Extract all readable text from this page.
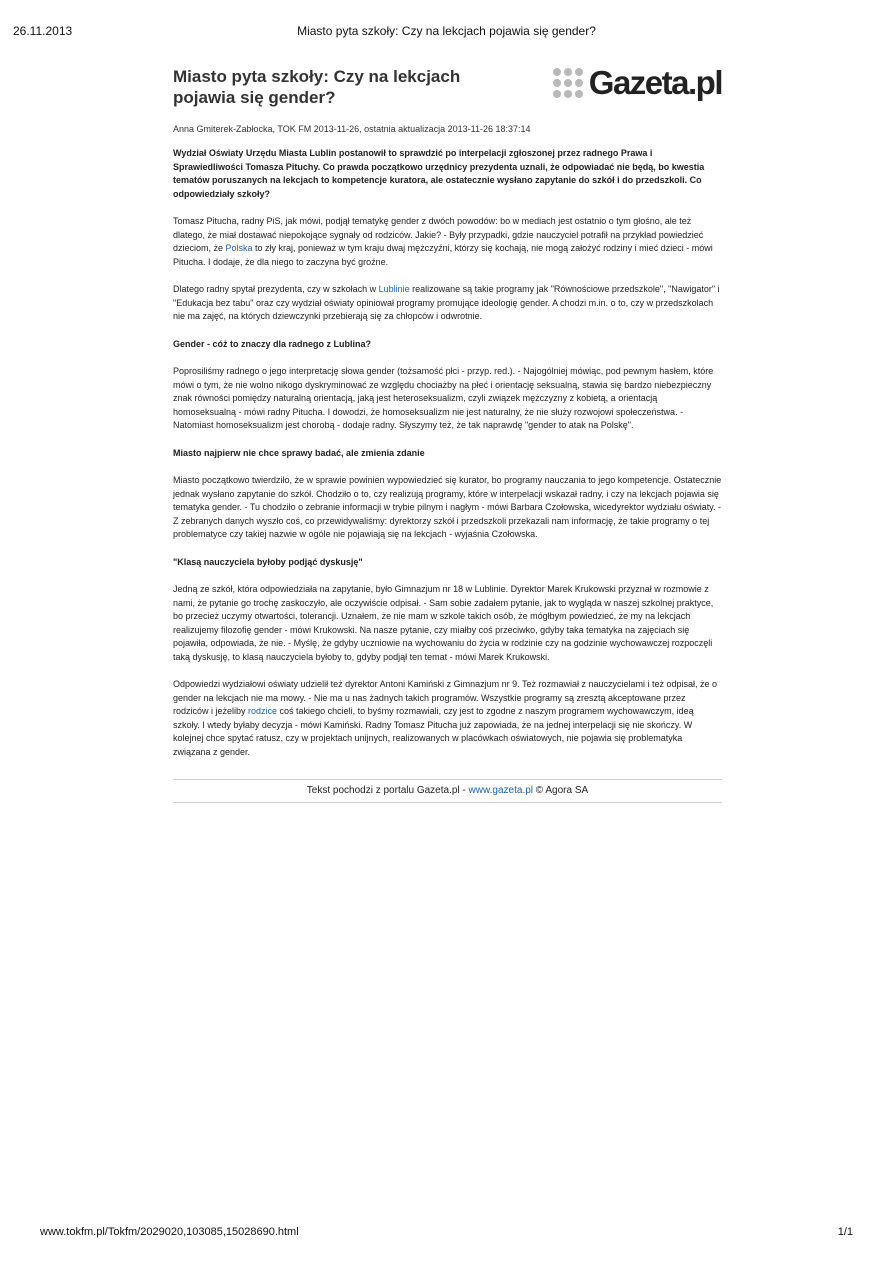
26.11.2013	Miasto pyta szkoły: Czy na lekcjach pojawia się gender?
Miasto pyta szkoły: Czy na lekcjach
pojawia się gender?	Gazeta.pl
Anna Gmiterek-Zabłocka, TOK FM 2013-11-26, ostatnia aktualizacja 2013-11-26 18:37:14
Wydział Oświaty Urzędu Miasta Lublin postanowił to sprawdzić po interpelacji zgłoszonej przez radnego Prawa i Sprawiedliwości Tomasza Pituchy. Co prawda początkowo urzędnicy prezydenta uznali, że odpowiadać nie będą, bo kwestia tematów poruszanych na lekcjach to kompetencje kuratora, ale ostatecznie wysłano zapytanie do szkół i do przedszkoli. Co odpowiedziały szkoły?
Tomasz Pitucha, radny PiS, jak mówi, podjął tematykę gender z dwóch powodów: bo w mediach jest ostatnio o tym głośno, ale też dlatego, że miał dostawać niepokojące sygnały od rodziców. Jakie? - Były przypadki, gdzie nauczyciel potrafił na przykład powiedzieć dzieciom, że Polska to zły kraj, ponieważ w tym kraju dwaj mężczyźni, którzy się kochają, nie mogą założyć rodziny i mieć dzieci - mówi Pitucha. I dodaje, że dla niego to zaczyna być groźne.
Dlatego radny spytał prezydenta, czy w szkołach w Lublinie realizowane są takie programy jak "Równościowe przedszkole", "Nawigator" i "Edukacja bez tabu" oraz czy wydział oświaty opiniował programy promujące ideologię gender. A chodzi m.in. o to, czy w przedszkolach nie ma zajęć, na których dziewczynki przebierają się za chłopców i odwrotnie.
Gender - cóż to znaczy dla radnego z Lublina?
Poprosiliśmy radnego o jego interpretację słowa gender (tożsamość płci - przyp. red.). - Najogólniej mówiąc, pod pewnym hasłem, które mówi o tym, że nie wolno nikogo dyskryminować ze względu chociażby na płeć i orientację seksualną, stawia się bardzo niebezpieczny znak równości pomiędzy naturalną orientacją, jaką jest heteroseksualizm, czyli związek mężczyzny z kobietą, a orientacją homoseksualną - mówi radny Pitucha. I dowodzi, że homoseksualizm nie jest naturalny, że nie służy rozwojowi społeczeństwa. - Natomiast homoseksualizm jest chorobą - dodaje radny. Słyszymy też, że tak naprawdę "gender to atak na Polskę".
Miasto najpierw nie chce sprawy badać, ale zmienia zdanie
Miasto początkowo twierdziło, że w sprawie powinien wypowiedzieć się kurator, bo programy nauczania to jego kompetencje. Ostatecznie jednak wysłano zapytanie do szkół. Chodziło o to, czy realizują programy, które w interpelacji wskazał radny, i czy na lekcjach pojawia się tematyka gender. - Tu chodziło o zebranie informacji w trybie pilnym i nagłym - mówi Barbara Czołowska, wicedyrektor wydziału oświaty. - Z zebranych danych wyszło coś, co przewidywaliśmy: dyrektorzy szkół i przedszkoli przekazali nam informację, że takie programy o tej problematyce czy takiej nazwie w ogóle nie pojawiają się na lekcjach - wyjaśnia Czołowska.
"Klasą nauczyciela byłoby podjąć dyskusję"
Jedną ze szkół, która odpowiedziała na zapytanie, było Gimnazjum nr 18 w Lublinie. Dyrektor Marek Krukowski przyznał w rozmowie z nami, że pytanie go trochę zaskoczyło, ale oczywiście odpisał. - Sam sobie zadałem pytanie, jak to wygląda w naszej szkolnej praktyce, bo przecież uczymy otwartości, tolerancji. Uznałem, że nie mam w szkole takich osób, że mógłbym powiedzieć, że my na lekcjach realizujemy filozofię gender - mówi Krukowski. Na nasze pytanie, czy miałby coś przeciwko, gdyby taka tematyka na zajęciach się pojawiła, odpowiada, że nie. - Myślę, że gdyby uczniowie na wychowaniu do życia w rodzinie czy na godzinie wychowawczej rozpoczęli taką dyskusję, to klasą nauczyciela byłoby to, gdyby podjął ten temat - mówi Marek Krukowski.
Odpowiedzi wydziałowi oświaty udzielił też dyrektor Antoni Kamiński z Gimnazjum nr 9. Też rozmawiał z nauczycielami i też odpisał, że o gender na lekcjach nie ma mowy. - Nie ma u nas żadnych takich programów. Wszystkie programy są zresztą akceptowane przez rodziców i jeżeliby rodzice coś takiego chcieli, to byśmy rozmawiali, czy jest to zgodne z naszym programem wychowawczym, ideą szkoły. I wtedy byłaby decyzja - mówi Kamiński. Radny Tomasz Pitucha już zapowiada, że na jednej interpelacji się nie skończy. W kolejnej chce spytać ratusz, czy w projektach unijnych, realizowanych w placówkach oświatowych, nie pojawia się problematyka związana z gender.
Tekst pochodzi z portalu Gazeta.pl - www.gazeta.pl © Agora SA
www.tokfm.pl/Tokfm/2029020,103085,15028690.html	1/1
